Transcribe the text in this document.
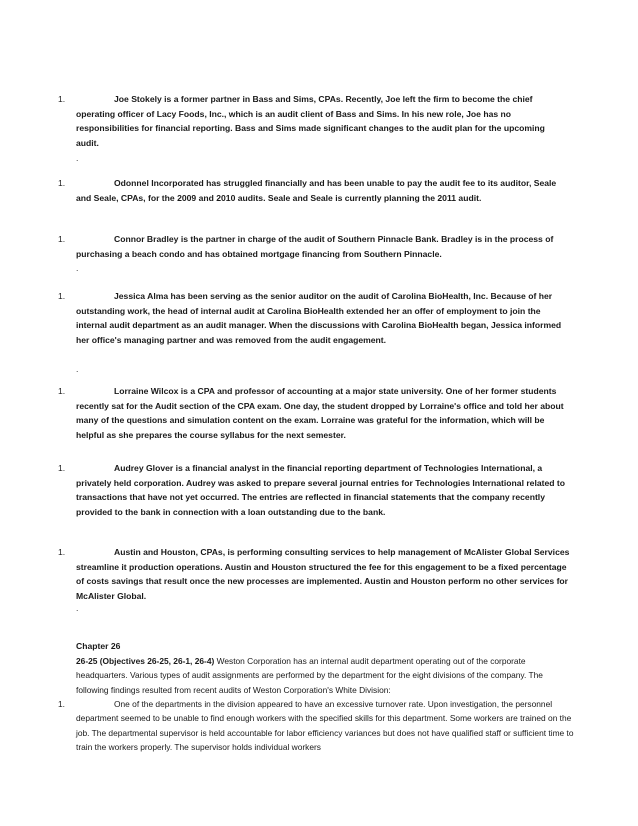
1.	Joe Stokely is a former partner in Bass and Sims, CPAs. Recently, Joe left the firm to become the chief operating officer of Lacy Foods, Inc., which is an audit client of Bass and Sims. In his new role, Joe has no responsibilities for financial reporting. Bass and Sims made significant changes to the audit plan for the upcoming audit.
.
1.	Odonnel Incorporated has struggled financially and has been unable to pay the audit fee to its auditor, Seale and Seale, CPAs, for the 2009 and 2010 audits. Seale and Seale is currently planning the 2011 audit.
1.	Connor Bradley is the partner in charge of the audit of Southern Pinnacle Bank. Bradley is in the process of purchasing a beach condo and has obtained mortgage financing from Southern Pinnacle.
.
1.	Jessica Alma has been serving as the senior auditor on the audit of Carolina BioHealth, Inc. Because of her outstanding work, the head of internal audit at Carolina BioHealth extended her an offer of employment to join the internal audit department as an audit manager. When the discussions with Carolina BioHealth began, Jessica informed her office's managing partner and was removed from the audit engagement.
.
1.	Lorraine Wilcox is a CPA and professor of accounting at a major state university. One of her former students recently sat for the Audit section of the CPA exam. One day, the student dropped by Lorraine's office and told her about many of the questions and simulation content on the exam. Lorraine was grateful for the information, which will be helpful as she prepares the course syllabus for the next semester.
1.	Audrey Glover is a financial analyst in the financial reporting department of Technologies International, a privately held corporation. Audrey was asked to prepare several journal entries for Technologies International related to transactions that have not yet occurred. The entries are reflected in financial statements that the company recently provided to the bank in connection with a loan outstanding due to the bank.
1.	Austin and Houston, CPAs, is performing consulting services to help management of McAlister Global Services streamline it production operations. Austin and Houston structured the fee for this engagement to be a fixed percentage of costs savings that result once the new processes are implemented. Austin and Houston perform no other services for McAlister Global.
.
Chapter 26
26-25 (Objectives 26-25, 26-1, 26-4) Weston Corporation has an internal audit department operating out of the corporate headquarters. Various types of audit assignments are performed by the department for the eight divisions of the company. The following findings resulted from recent audits of Weston Corporation's White Division:
1.	One of the departments in the division appeared to have an excessive turnover rate. Upon investigation, the personnel department seemed to be unable to find enough workers with the specified skills for this department. Some workers are trained on the job. The departmental supervisor is held accountable for labor efficiency variances but does not have qualified staff or sufficient time to train the workers properly. The supervisor holds individual workers
